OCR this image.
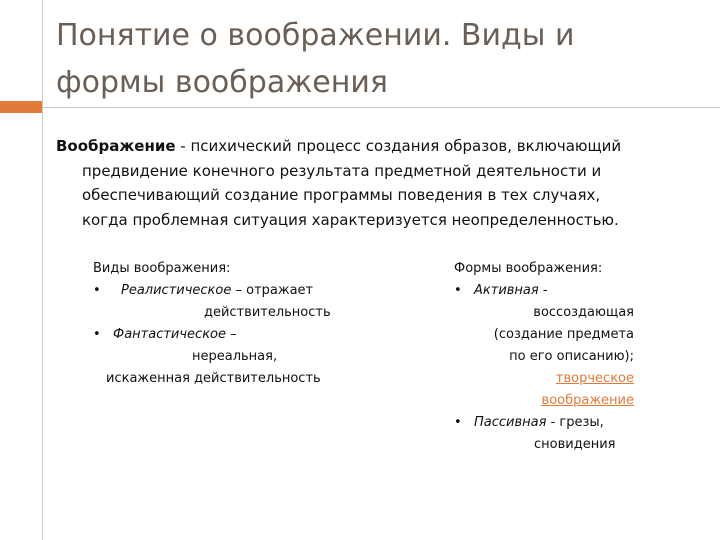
Понятие о воображении. Виды и
формы воображения
Воображение - психический процесс создания образов, включающий
предвидение конечного результата предметной деятельности и
обеспечивающий создание программы поведения в тех случаях,
когда проблемная ситуация характеризуется неопределенностью.
Виды воображения:
• Реалистическое – отражает
действительность
• Фантастическое –
нереальная,
искаженная действительность
Формы воображения:
• Активная -
воссоздающая
(создание предмета
по его описанию);
творческое
воображение
• Пассивная - грезы,
сновидения
